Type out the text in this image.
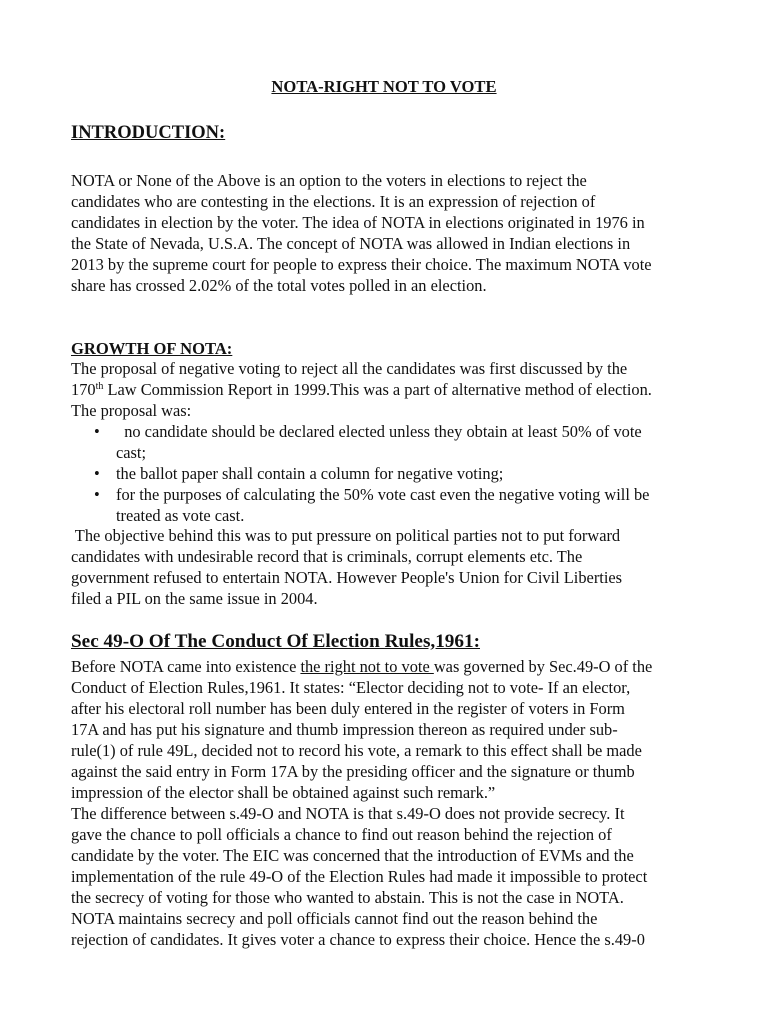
NOTA-RIGHT NOT TO VOTE
INTRODUCTION:
NOTA or None of the Above is an option to the voters in elections to reject the
candidates who are contesting in the elections. It is an expression of rejection of
candidates in election by the voter. The idea of NOTA in elections originated in 1976 in
the State of Nevada, U.S.A. The concept of NOTA was allowed in Indian elections in
2013 by the supreme court for people to express their choice. The maximum NOTA vote
share has crossed 2.02% of the total votes polled in an election.
GROWTH OF NOTA:
The proposal of negative voting to reject all the candidates was first discussed by the
170th Law Commission Report in 1999.This was a part of alternative method of election.
The proposal was:
• no candidate should be declared elected unless they obtain at least 50% of vote
cast;
• the ballot paper shall contain a column for negative voting;
• for the purposes of calculating the 50% vote cast even the negative voting will be
treated as vote cast.
The objective behind this was to put pressure on political parties not to put forward
candidates with undesirable record that is criminals, corrupt elements etc. The
government refused to entertain NOTA. However People's Union for Civil Liberties
filed a PIL on the same issue in 2004.
Sec 49-O Of The Conduct Of Election Rules,1961:
Before NOTA came into existence the right not to vote was governed by Sec.49-O of the
Conduct of Election Rules,1961. It states: “Elector deciding not to vote- If an elector,
after his electoral roll number has been duly entered in the register of voters in Form
17A and has put his signature and thumb impression thereon as required under sub-
rule(1) of rule 49L, decided not to record his vote, a remark to this effect shall be made
against the said entry in Form 17A by the presiding officer and the signature or thumb
impression of the elector shall be obtained against such remark.”
The difference between s.49-O and NOTA is that s.49-O does not provide secrecy. It
gave the chance to poll officials a chance to find out reason behind the rejection of
candidate by the voter. The EIC was concerned that the introduction of EVMs and the
implementation of the rule 49-O of the Election Rules had made it impossible to protect
the secrecy of voting for those who wanted to abstain. This is not the case in NOTA.
NOTA maintains secrecy and poll officials cannot find out the reason behind the
rejection of candidates. It gives voter a chance to express their choice. Hence the s.49-0
